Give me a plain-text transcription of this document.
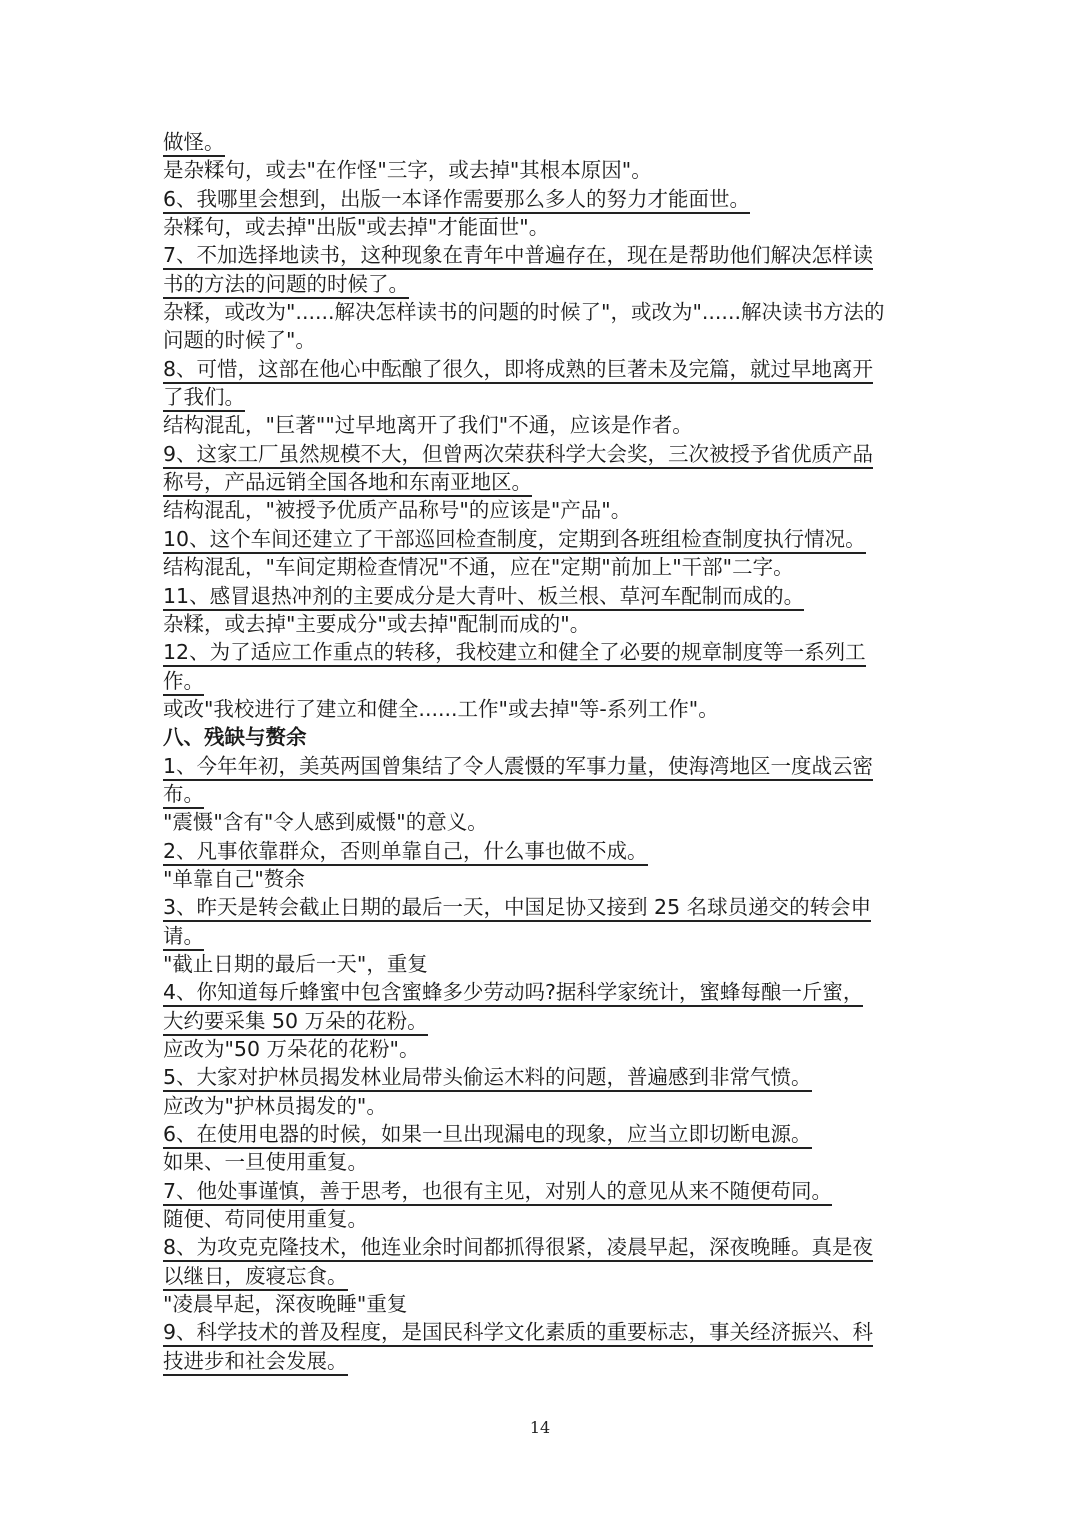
做怪。
是杂糅句，或去"在作怪"三字，或去掉"其根本原因"。
6、我哪里会想到，出版一本译作需要那么多人的努力才能面世。
杂糅句，或去掉"出版"或去掉"才能面世"。
7、不加选择地读书，这种现象在青年中普遍存在，现在是帮助他们解决怎样读
书的方法的问题的时候了。
杂糅，或改为"......解决怎样读书的问题的时候了"，或改为"......解决读书方法的
问题的时候了"。
8、可惜，这部在他心中酝酿了很久，即将成熟的巨著未及完篇，就过早地离开
了我们。
结构混乱，"巨著""过早地离开了我们"不通，应该是作者。
9、这家工厂虽然规模不大，但曾两次荣获科学大会奖，三次被授予省优质产品
称号，产品远销全国各地和东南亚地区。
结构混乱，"被授予优质产品称号"的应该是"产品"。
10、这个车间还建立了干部巡回检查制度，定期到各班组检查制度执行情况。
结构混乱，"车间定期检查情况"不通，应在"定期"前加上"干部"二字。
11、感冒退热冲剂的主要成分是大青叶、板兰根、草河车配制而成的。
杂糅，或去掉"主要成分"或去掉"配制而成的"。
12、为了适应工作重点的转移，我校建立和健全了必要的规章制度等一系列工
作。
或改"我校进行了建立和健全......工作"或去掉"等-系列工作"。
八、残缺与赘余
1、今年年初，美英两国曾集结了令人震慑的军事力量，使海湾地区一度战云密
布。
"震慑"含有"令人感到威慑"的意义。
2、凡事依靠群众，否则单靠自己，什么事也做不成。
"单靠自己"赘余
3、昨天是转会截止日期的最后一天，中国足协又接到 25 名球员递交的转会申
请。
"截止日期的最后一天"，重复
4、你知道每斤蜂蜜中包含蜜蜂多少劳动吗?据科学家统计，蜜蜂每酿一斤蜜，
大约要采集 50 万朵的花粉。
应改为"50 万朵花的花粉"。
5、大家对护林员揭发林业局带头偷运木料的问题，普遍感到非常气愤。
应改为"护林员揭发的"。
6、在使用电器的时候，如果一旦出现漏电的现象，应当立即切断电源。
如果、一旦使用重复。
7、他处事谨慎，善于思考，也很有主见，对别人的意见从来不随便苟同。
随便、苟同使用重复。
8、为攻克克隆技术，他连业余时间都抓得很紧，凌晨早起，深夜晚睡。真是夜
以继日，废寝忘食。
"凌晨早起，深夜晚睡"重复
9、科学技术的普及程度，是国民科学文化素质的重要标志，事关经济振兴、科
技进步和社会发展。
14
